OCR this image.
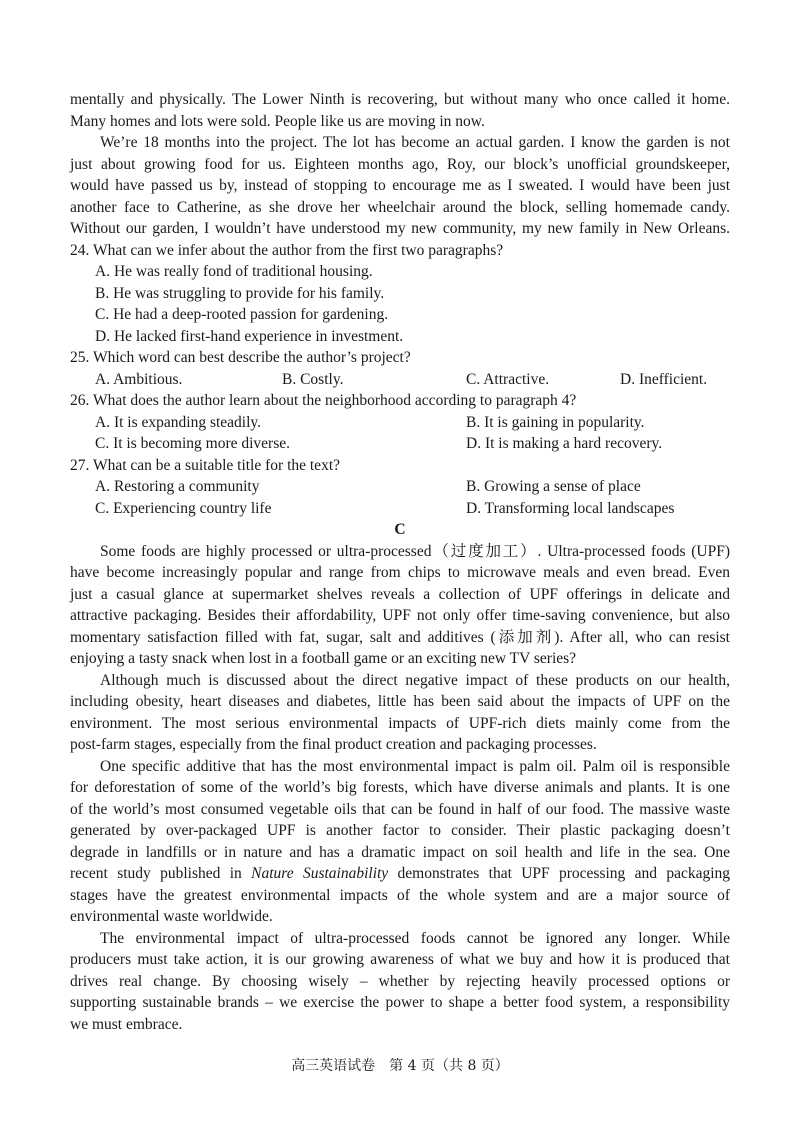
mentally and physically. The Lower Ninth is recovering, but without many who once called it home.
Many homes and lots were sold. People like us are moving in now.
We’re 18 months into the project. The lot has become an actual garden. I know the garden is not
just about growing food for us. Eighteen months ago, Roy, our block’s unofficial groundskeeper,
would have passed us by, instead of stopping to encourage me as I sweated. I would have been just
another face to Catherine, as she drove her wheelchair around the block, selling homemade candy.
Without our garden, I wouldn’t have understood my new community, my new family in New Orleans.
24. What can we infer about the author from the first two paragraphs?
A. He was really fond of traditional housing.
B. He was struggling to provide for his family.
C. He had a deep-rooted passion for gardening.
D. He lacked first-hand experience in investment.
25. Which word can best describe the author’s project?
A. Ambitious.	B. Costly.	C. Attractive.	D. Inefficient.
26. What does the author learn about the neighborhood according to paragraph 4?
A. It is expanding steadily.	B. It is gaining in popularity.
C. It is becoming more diverse.	D. It is making a hard recovery.
27. What can be a suitable title for the text?
A. Restoring a community	B. Growing a sense of place
C. Experiencing country life	D. Transforming local landscapes
C
Some foods are highly processed or ultra-processed（过度加工）. Ultra-processed foods (UPF)
have become increasingly popular and range from chips to microwave meals and even bread. Even
just a casual glance at supermarket shelves reveals a collection of UPF offerings in delicate and
attractive packaging. Besides their affordability, UPF not only offer time-saving convenience, but also
momentary satisfaction filled with fat, sugar, salt and additives (添加剂). After all, who can resist
enjoying a tasty snack when lost in a football game or an exciting new TV series?
Although much is discussed about the direct negative impact of these products on our health,
including obesity, heart diseases and diabetes, little has been said about the impacts of UPF on the
environment. The most serious environmental impacts of UPF-rich diets mainly come from the
post-farm stages, especially from the final product creation and packaging processes.
One specific additive that has the most environmental impact is palm oil. Palm oil is responsible
for deforestation of some of the world’s big forests, which have diverse animals and plants. It is one
of the world’s most consumed vegetable oils that can be found in half of our food. The massive waste
generated by over-packaged UPF is another factor to consider. Their plastic packaging doesn’t
degrade in landfills or in nature and has a dramatic impact on soil health and life in the sea. One
recent study published in Nature Sustainability demonstrates that UPF processing and packaging
stages have the greatest environmental impacts of the whole system and are a major source of
environmental waste worldwide.
The environmental impact of ultra-processed foods cannot be ignored any longer. While
producers must take action, it is our growing awareness of what we buy and how it is produced that
drives real change. By choosing wisely – whether by rejecting heavily processed options or
supporting sustainable brands – we exercise the power to shape a better food system, a responsibility
we must embrace.
高三英语试卷　第 4 页（共 8 页）
